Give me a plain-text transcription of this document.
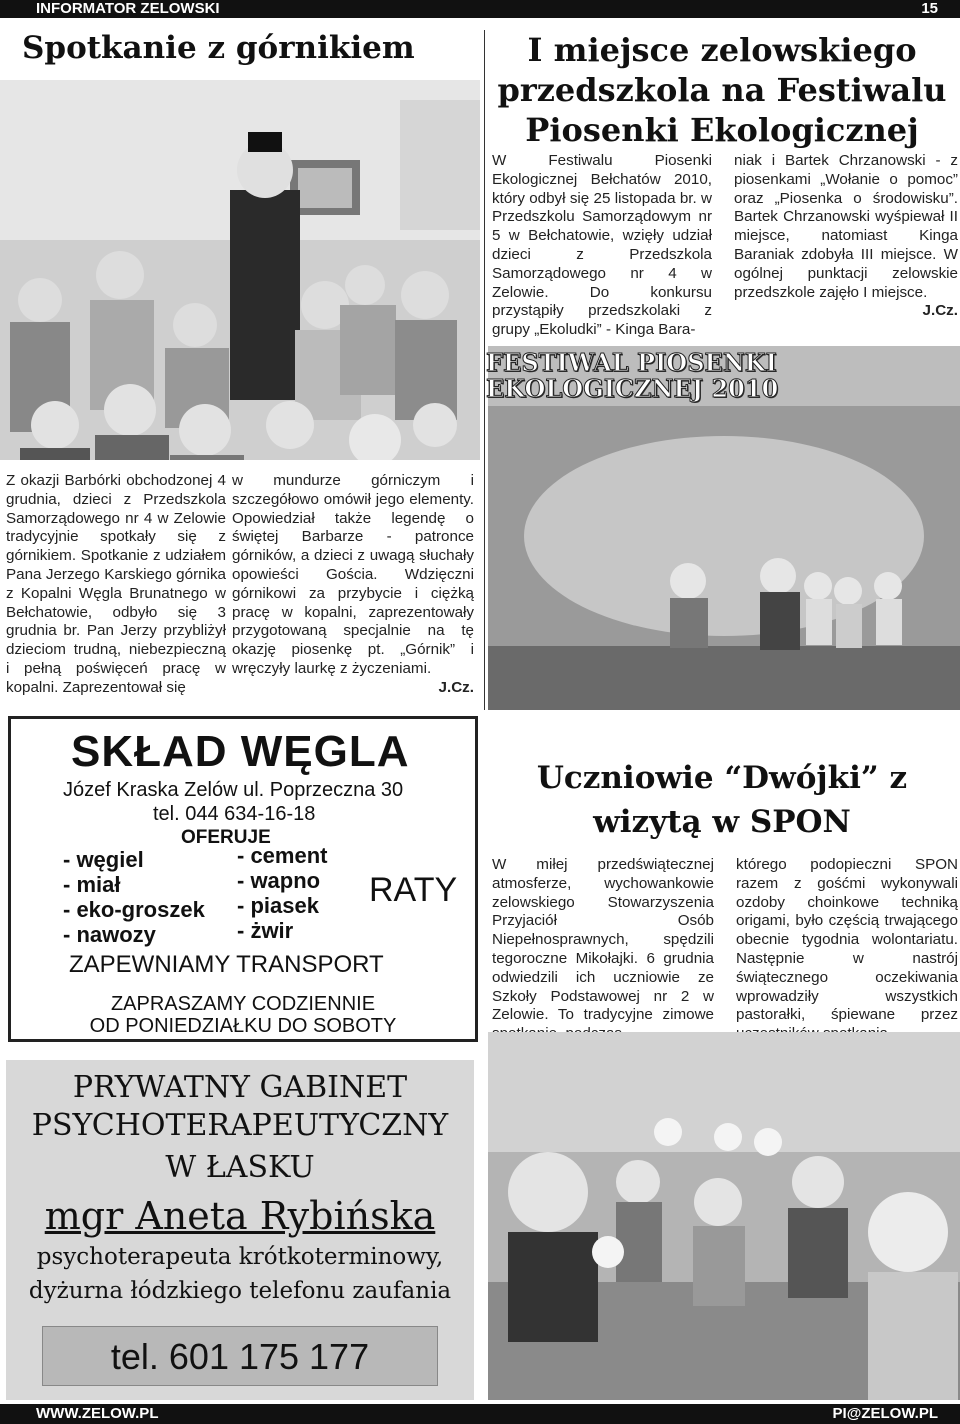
INFORMATOR ZELOWSKI	15
Spotkanie z górnikiem	I miejsce zelowskiego przedszkola na Festiwalu Piosenki Ekologicznej
W Festiwalu Piosenki Ekologicznej Bełchatów 2010, który odbył się 25 listopada br. w Przedszkolu Samorządowym nr 5 w Bełchatowie, wzięły udział dzieci z Przedszkola Samorządowego nr 4 w Zelowie. Do konkursu przystąpiły przedszkolaki z grupy „Ekoludki” - Kinga Bara-
niak i Bartek Chrzanowski - z piosenkami „Wołanie o pomoc” oraz „Piosenka o środowisku”. Bartek Chrzanowski wyśpiewał II miejsce, natomiast Kinga Baraniak zdobyła III miejsce. W ogólnej punktacji zelowskie przedszkole zajęło I miejsce.
J.Cz.
FESTIWAL PIOSENKI
EKOLOGICZNEJ 2010
Z okazji Barbórki obchodzonej 4 grudnia, dzieci z Przedszkola Samorządowego nr 4 w Zelowie tradycyjnie spotkały się z górnikiem. Spotkanie z udziałem Pana Jerzego Karskiego górnika z Kopalni Węgla Brunatnego w Bełchatowie, odbyło się 3 grudnia br. Pan Jerzy przybliżył dzieciom trudną, niebezpieczną i pełną poświęceń pracę w kopalni. Zaprezentował się
w mundurze górniczym i szczegółowo omówił jego elementy. Opowiedział także legendę o świętej Barbarze - patronce górników, a dzieci z uwagą słuchały opowieści Gościa. Wdzięczni górnikowi za przybycie i ciężką pracę w kopalni, zaprezentowały przygotowaną specjalnie na tę okazję piosenkę pt. „Górnik” i wręczyły laurkę z życzeniami.
J.Cz.
SKŁAD WĘGLA
Józef Kraska Zelów ul. Poprzeczna 30
tel. 044 634-16-18
OFERUJE
- węgiel
- miał
- eko-groszek
- nawozy
- cement
- wapno
- piasek
- żwir
RATY
ZAPEWNIAMY TRANSPORT
ZAPRASZAMY CODZIENNIE
OD PONIEDZIAŁKU DO SOBOTY
Uczniowie “Dwójki” z wizytą w SPON
W miłej przedświątecznej atmosferze, wychowankowie zelowskiego Stowarzyszenia Przyjaciół Osób Niepełnosprawnych, spędzili tegoroczne Mikołajki. 6 grudnia odwiedzili ich uczniowie ze Szkoły Podstawowej nr 2 w Zelowie. To tradycyjne zimowe
którego podopieczni SPON razem z gośćmi wykonywali ozdoby choinkowe techniką origami, było częścią trwającego obecnie tygodnia wolontariatu. Następnie w nastrój świątecznego oczekiwania wprowadziły wszystkich pastorałki, śpiewane przez
PRYWATNY GABINET
PSYCHOTERAPEUTYCZNY
W ŁASKU
mgr Aneta Rybińska
psychoterapeuta krótkoterminowy,
dyżurna łódzkiego telefonu zaufania
tel. 601 175 177
WWW.ZELOW.PL	PI@ZELOW.PL
